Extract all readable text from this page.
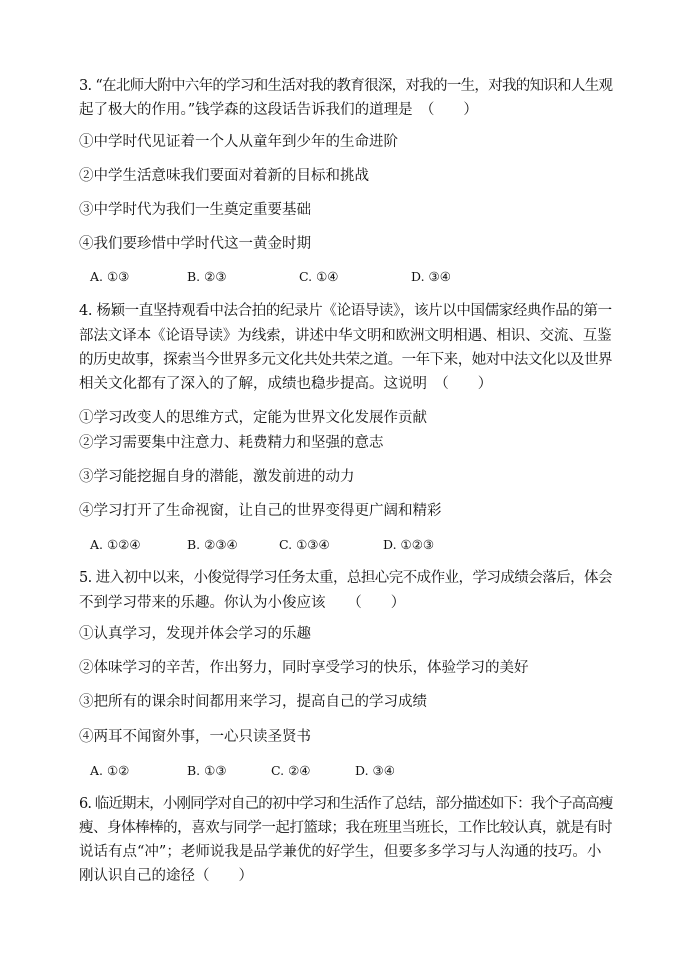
3. “在北师大附中六年的学习和生活对我的教育很深，对我的一生，对我的知识和人生观
起了极大的作用。”钱学森的这段话告诉我们的道理是　（　　）
①中学时代见证着一个人从童年到少年的生命进阶
②中学生活意味我们要面对着新的目标和挑战
③中学时代为我们一生奠定重要基础
④我们要珍惜中学时代这一黄金时期
A. ①③	B. ②③	C. ①④	D. ③④
4. 杨颖一直坚持观看中法合拍的纪录片《论语导读》，该片以中国儒家经典作品的第一
部法文译本《论语导读》为线索，讲述中华文明和欧洲文明相遇、相识、交流、互鉴
的历史故事，探索当今世界多元文化共处共荣之道。一年下来，她对中法文化以及世界
相关文化都有了深入的了解，成绩也稳步提高。这说明　（　　）
①学习改变人的思维方式，定能为世界文化发展作贡献
②学习需要集中注意力、耗费精力和坚强的意志
③学习能挖掘自身的潜能，激发前进的动力
④学习打开了生命视窗，让自己的世界变得更广阔和精彩
A. ①②④	B. ②③④	C. ①③④	D. ①②③
5. 进入初中以来，小俊觉得学习任务太重，总担心完不成作业，学习成绩会落后，体会
不到学习带来的乐趣。你认为小俊应该　　（　　）
①认真学习，发现并体会学习的乐趣
②体味学习的辛苦，作出努力，同时享受学习的快乐，体验学习的美好
③把所有的课余时间都用来学习，提高自己的学习成绩
④两耳不闻窗外事，一心只读圣贤书
A. ①②	B. ①③	C. ②④	D. ③④
6. 临近期末，小刚同学对自己的初中学习和生活作了总结，部分描述如下：我个子高高瘦
瘦、身体棒棒的，喜欢与同学一起打篮球；我在班里当班长，工作比较认真，就是有时
说话有点“冲”；老师说我是品学兼优的好学生，但要多多学习与人沟通的技巧。小
刚认识自己的途径（　　）
